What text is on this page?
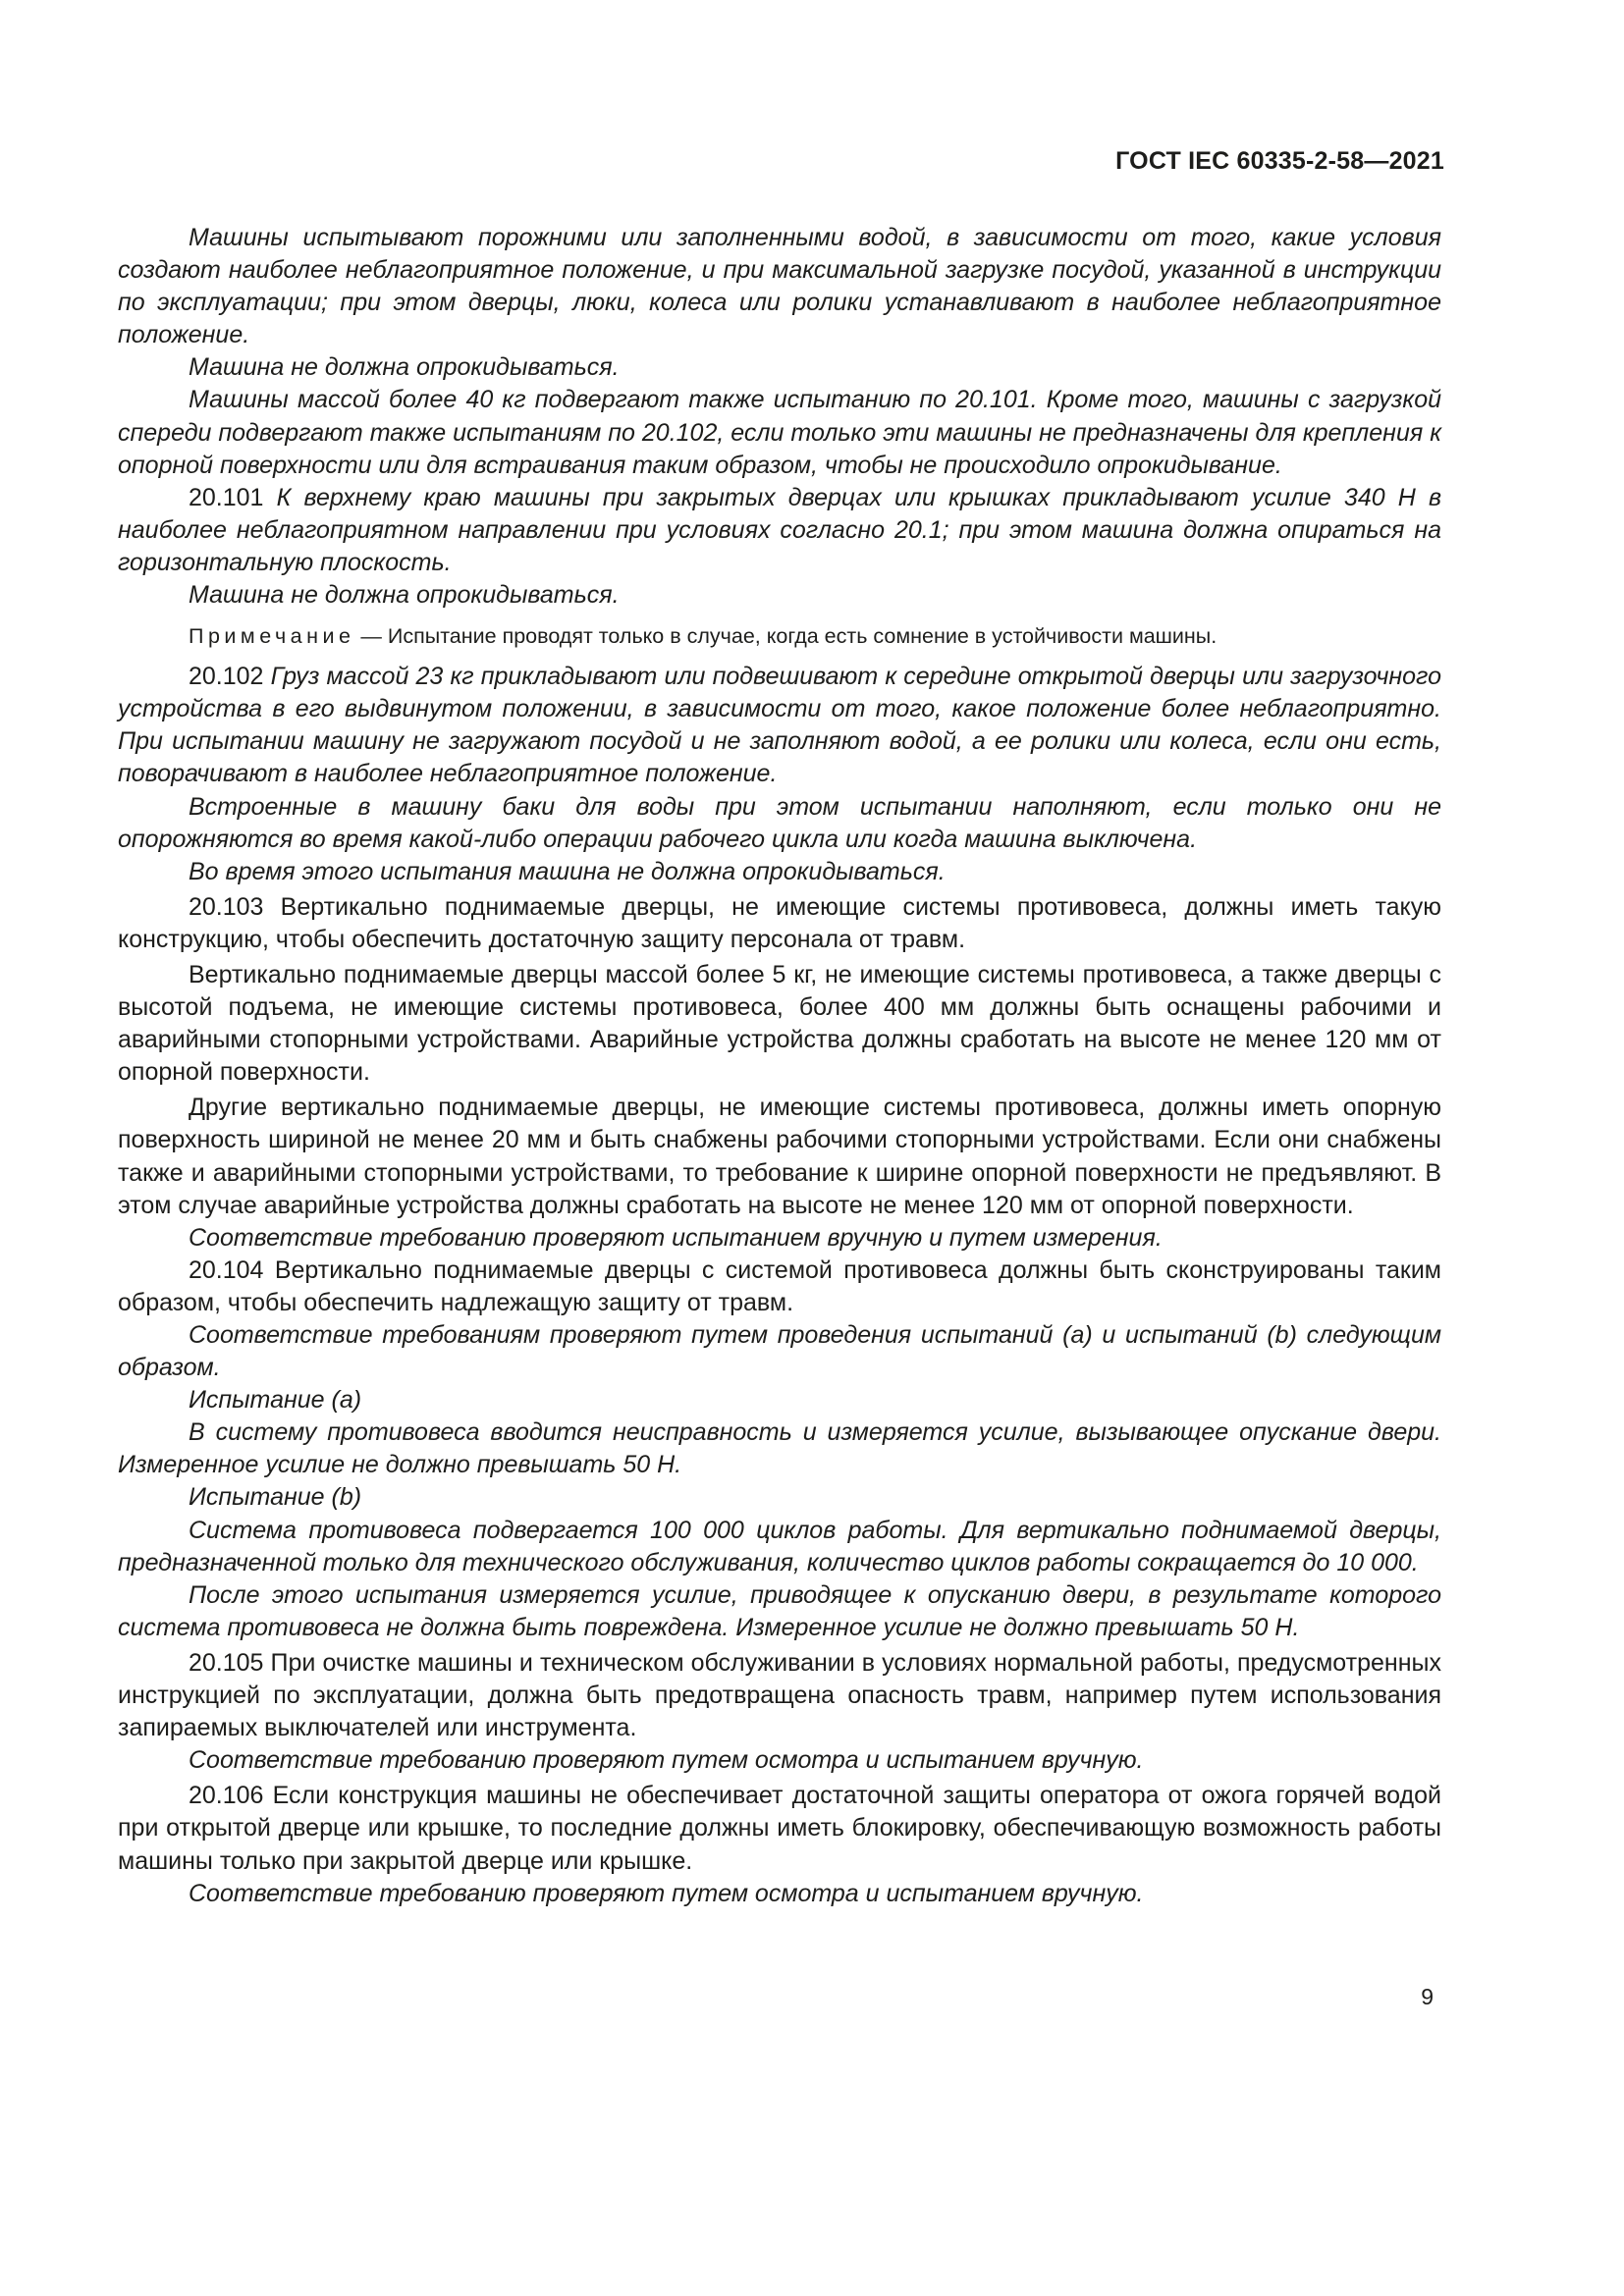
ГОСТ IEC 60335-2-58—2021

Машины испытывают порожними или заполненными водой, в зависимости от того, какие условия создают наиболее неблагоприятное положение, и при максимальной загрузке посудой, указанной в инструкции по эксплуатации; при этом дверцы, люки, колеса или ролики устанавливают в наиболее неблагоприятное положение.

Машина не должна опрокидываться.

Машины массой более 40 кг подвергают также испытанию по 20.101. Кроме того, машины с загрузкой спереди подвергают также испытаниям по 20.102, если только эти машины не предназначены для крепления к опорной поверхности или для встраивания таким образом, чтобы не происходило опрокидывание.

20.101 К верхнему краю машины при закрытых дверцах или крышках прикладывают усилие 340 Н в наиболее неблагоприятном направлении при условиях согласно 20.1; при этом машина должна опираться на горизонтальную плоскость.

Машина не должна опрокидываться.

Примечание — Испытание проводят только в случае, когда есть сомнение в устойчивости машины.

20.102 Груз массой 23 кг прикладывают или подвешивают к середине открытой дверцы или загрузочного устройства в его выдвинутом положении, в зависимости от того, какое положение более неблагоприятно. При испытании машину не загружают посудой и не заполняют водой, а ее ролики или колеса, если они есть, поворачивают в наиболее неблагоприятное положение.

Встроенные в машину баки для воды при этом испытании наполняют, если только они не опорожняются во время какой-либо операции рабочего цикла или когда машина выключена.

Во время этого испытания машина не должна опрокидываться.

20.103 Вертикально поднимаемые дверцы, не имеющие системы противовеса, должны иметь такую конструкцию, чтобы обеспечить достаточную защиту персонала от травм.

Вертикально поднимаемые дверцы массой более 5 кг, не имеющие системы противовеса, а также дверцы с высотой подъема, не имеющие системы противовеса, более 400 мм должны быть оснащены рабочими и аварийными стопорными устройствами. Аварийные устройства должны сработать на высоте не менее 120 мм от опорной поверхности.

Другие вертикально поднимаемые дверцы, не имеющие системы противовеса, должны иметь опорную поверхность шириной не менее 20 мм и быть снабжены рабочими стопорными устройствами. Если они снабжены также и аварийными стопорными устройствами, то требование к ширине опорной поверхности не предъявляют. В этом случае аварийные устройства должны сработать на высоте не менее 120 мм от опорной поверхности.

Соответствие требованию проверяют испытанием вручную и путем измерения.

20.104 Вертикально поднимаемые дверцы с системой противовеса должны быть сконструированы таким образом, чтобы обеспечить надлежащую защиту от травм.

Соответствие требованиям проверяют путем проведения испытаний (а) и испытаний (b) следующим образом.

Испытание (а)

В систему противовеса вводится неисправность и измеряется усилие, вызывающее опускание двери. Измеренное усилие не должно превышать 50 Н.

Испытание (b)

Система противовеса подвергается 100 000 циклов работы. Для вертикально поднимаемой дверцы, предназначенной только для технического обслуживания, количество циклов работы сокращается до 10 000.

После этого испытания измеряется усилие, приводящее к опусканию двери, в результате которого система противовеса не должна быть повреждена. Измеренное усилие не должно превышать 50 Н.

20.105 При очистке машины и техническом обслуживании в условиях нормальной работы, предусмотренных инструкцией по эксплуатации, должна быть предотвращена опасность травм, например путем использования запираемых выключателей или инструмента.

Соответствие требованию проверяют путем осмотра и испытанием вручную.

20.106 Если конструкция машины не обеспечивает достаточной защиты оператора от ожога горячей водой при открытой дверце или крышке, то последние должны иметь блокировку, обеспечивающую возможность работы машины только при закрытой дверце или крышке.

Соответствие требованию проверяют путем осмотра и испытанием вручную.

9
